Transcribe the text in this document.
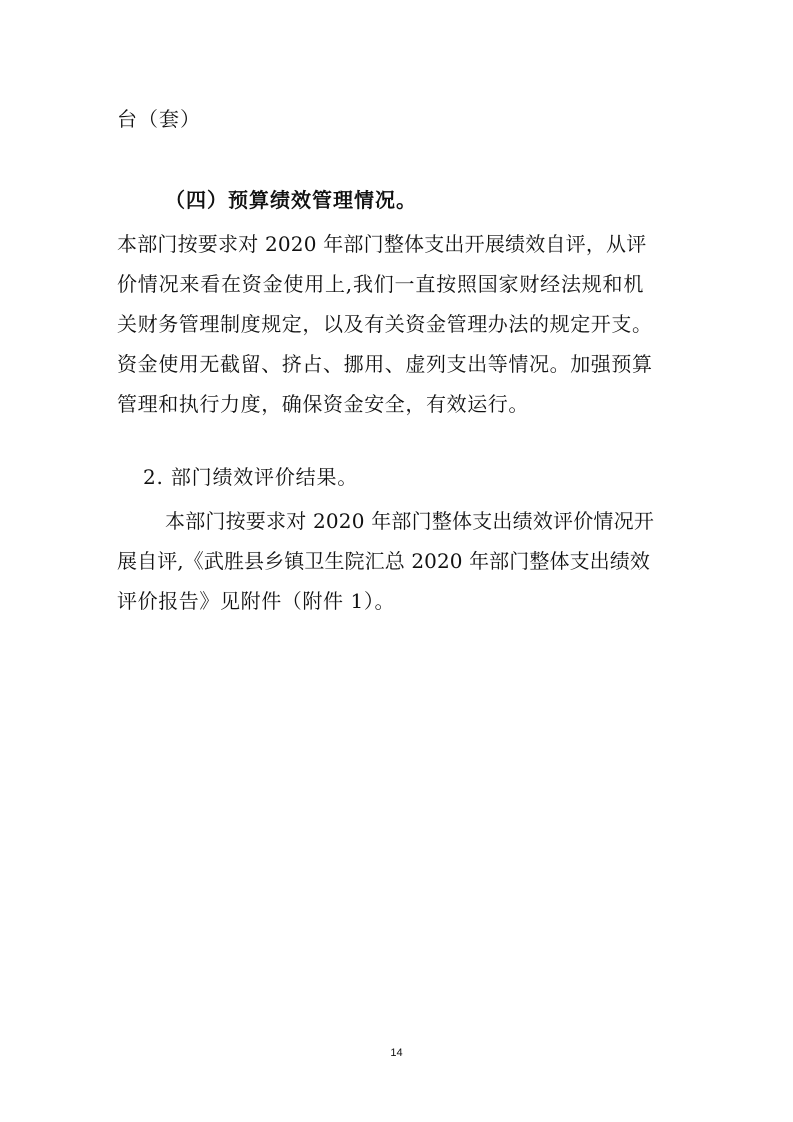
台（套）
（四）预算绩效管理情况。
本部门按要求对 2020 年部门整体支出开展绩效自评，从评
价情况来看在资金使用上,我们一直按照国家财经法规和机
关财务管理制度规定，以及有关资金管理办法的规定开支。
资金使用无截留、挤占、挪用、虚列支出等情况。加强预算
管理和执行力度，确保资金安全，有效运行。
2. 部门绩效评价结果。
本部门按要求对 2020 年部门整体支出绩效评价情况开
展自评,《武胜县乡镇卫生院汇总 2020 年部门整体支出绩效
评价报告》见附件（附件 1）。
14
